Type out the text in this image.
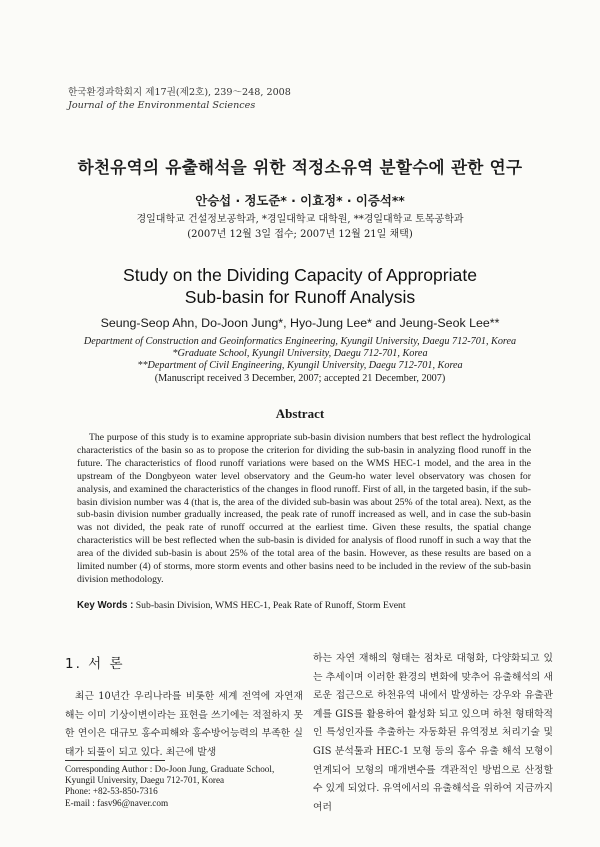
한국환경과학회지 제17권(제2호), 239～248, 2008
Journal of the Environmental Sciences
하천유역의 유출해석을 위한 적정소유역 분할수에 관한 연구
안승섭 · 정도준* · 이효정* · 이증석**
경일대학교 건설정보공학과, *경일대학교 대학원, **경일대학교 토목공학과
(2007년 12월 3일 접수; 2007년 12월 21일 채택)
Study on the Dividing Capacity of Appropriate
Sub-basin for Runoff Analysis
Seung-Seop Ahn, Do-Joon Jung*, Hyo-Jung Lee* and Jeung-Seok Lee**
Department of Construction and Geoinformatics Engineering, Kyungil University, Daegu 712-701, Korea
*Graduate School, Kyungil University, Daegu 712-701, Korea
**Department of Civil Engineering, Kyungil University, Daegu 712-701, Korea
(Manuscript received 3 December, 2007; accepted 21 December, 2007)
Abstract
The purpose of this study is to examine appropriate sub-basin division numbers that best reflect the hydrological characteristics of the basin so as to propose the criterion for dividing the sub-basin in analyzing flood runoff in the future. The characteristics of flood runoff variations were based on the WMS HEC-1 model, and the area in the upstream of the Dongbyeon water level observatory and the Geum-ho water level observatory was chosen for analysis, and examined the characteristics of the changes in flood runoff. First of all, in the targeted basin, if the sub-basin division number was 4 (that is, the area of the divided sub-basin was about 25% of the total area). Next, as the sub-basin division number gradually increased, the peak rate of runoff increased as well, and in case the sub-basin was not divided, the peak rate of runoff occurred at the earliest time. Given these results, the spatial change characteristics will be best reflected when the sub-basin is divided for analysis of flood runoff in such a way that the area of the divided sub-basin is about 25% of the total area of the basin. However, as these results are based on a limited number (4) of storms, more storm events and other basins need to be included in the review of the sub-basin division methodology.
Key Words : Sub-basin Division, WMS HEC-1, Peak Rate of Runoff, Storm Event
1. 서 론
최근 10년간 우리나라를 비롯한 세계 전역에 자연재해는 이미 기상이변이라는 표현을 쓰기에는 적절하지 못한 연이은 대규모 홍수피해와 홍수방어능력의 부족한 실태가 되풀이 되고 있다. 최근에 발생
하는 자연 재해의 형태는 점차로 대형화, 다양화되고 있는 추세이며 이러한 환경의 변화에 맞추어 유출해석의 새로운 접근으로 하천유역 내에서 발생하는 강우와 유출관계를 GIS를 활용하여 활성화 되고 있으며 하천 형태학적인 특성인자를 추출하는 자동화된 유역정보 처리기술 및 GIS 분석툴과 HEC-1 모형 등의 홍수 유출 해석 모형이 연계되어 모형의 매개변수를 객관적인 방법으로 산정할 수 있게 되었다. 유역에서의 유출해석을 위하여 지금까지 여러
Corresponding Author : Do-Joon Jung, Graduate School,
Kyungil University, Daegu 712-701, Korea
Phone: +82-53-850-7316
E-mail : fasv96@naver.com
